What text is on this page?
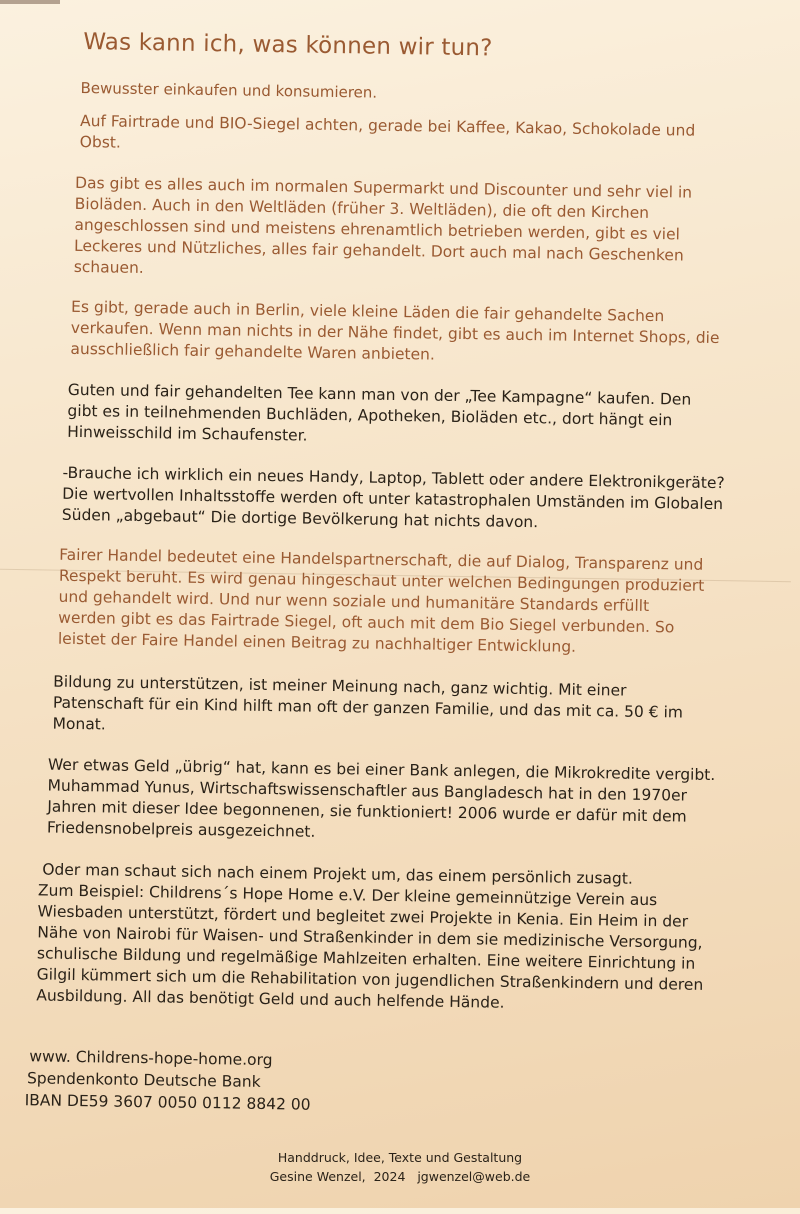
Was kann ich, was können wir tun?

Bewusster einkaufen und konsumieren.

Auf Fairtrade und BIO-Siegel achten, gerade bei Kaffee, Kakao, Schokolade und Obst.

Das gibt es alles auch im normalen Supermarkt und Discounter und sehr viel in Bioläden. Auch in den Weltläden (früher 3. Weltläden), die oft den Kirchen angeschlossen sind und meistens ehrenamtlich betrieben werden, gibt es viel Leckeres und Nützliches, alles fair gehandelt. Dort auch mal nach Geschenken schauen.

Es gibt, gerade auch in Berlin, viele kleine Läden die fair gehandelte Sachen verkaufen. Wenn man nichts in der Nähe findet, gibt es auch im Internet Shops, die ausschließlich fair gehandelte Waren anbieten.

Guten und fair gehandelten Tee kann man von der „Tee Kampagne“ kaufen. Den gibt es in teilnehmenden Buchläden, Apotheken, Bioläden etc., dort hängt ein Hinweisschild im Schaufenster.

-Brauche ich wirklich ein neues Handy, Laptop, Tablett oder andere Elektronikgeräte? Die wertvollen Inhaltsstoffe werden oft unter katastrophalen Umständen im Globalen Süden „abgebaut“ Die dortige Bevölkerung hat nichts davon.

Fairer Handel bedeutet eine Handelspartnerschaft, die auf Dialog, Transparenz und Respekt beruht. Es wird genau hingeschaut unter welchen Bedingungen produziert und gehandelt wird. Und nur wenn soziale und humanitäre Standards erfüllt werden gibt es das Fairtrade Siegel, oft auch mit dem Bio Siegel verbunden. So leistet der Faire Handel einen Beitrag zu nachhaltiger Entwicklung.

Bildung zu unterstützen, ist meiner Meinung nach, ganz wichtig. Mit einer Patenschaft für ein Kind hilft man oft der ganzen Familie, und das mit ca. 50 € im Monat.

Wer etwas Geld „übrig“ hat, kann es bei einer Bank anlegen, die Mikrokredite vergibt. Muhammad Yunus, Wirtschaftswissenschaftler aus Bangladesch hat in den 1970er Jahren mit dieser Idee begonnenen, sie funktioniert! 2006 wurde er dafür mit dem Friedensnobelpreis ausgezeichnet.

Oder man schaut sich nach einem Projekt um, das einem persönlich zusagt.

Zum Beispiel: Childrens´s Hope Home e.V. Der kleine gemeinnützige Verein aus Wiesbaden unterstützt, fördert und begleitet zwei Projekte in Kenia. Ein Heim in der Nähe von Nairobi für Waisen- und Straßenkinder in dem sie medizinische Versorgung, schulische Bildung und regelmäßige Mahlzeiten erhalten. Eine weitere Einrichtung in Gilgil kümmert sich um die Rehabilitation von jugendlichen Straßenkindern und deren Ausbildung. All das benötigt Geld und auch helfende Hände.

www. Childrens-hope-home.org

Spendenkonto Deutsche Bank

IBAN DE59 3607 0050 0112 8842 00

Handdruck, Idee, Texte und Gestaltung
Gesine Wenzel,  2024   jgwenzel@web.de
